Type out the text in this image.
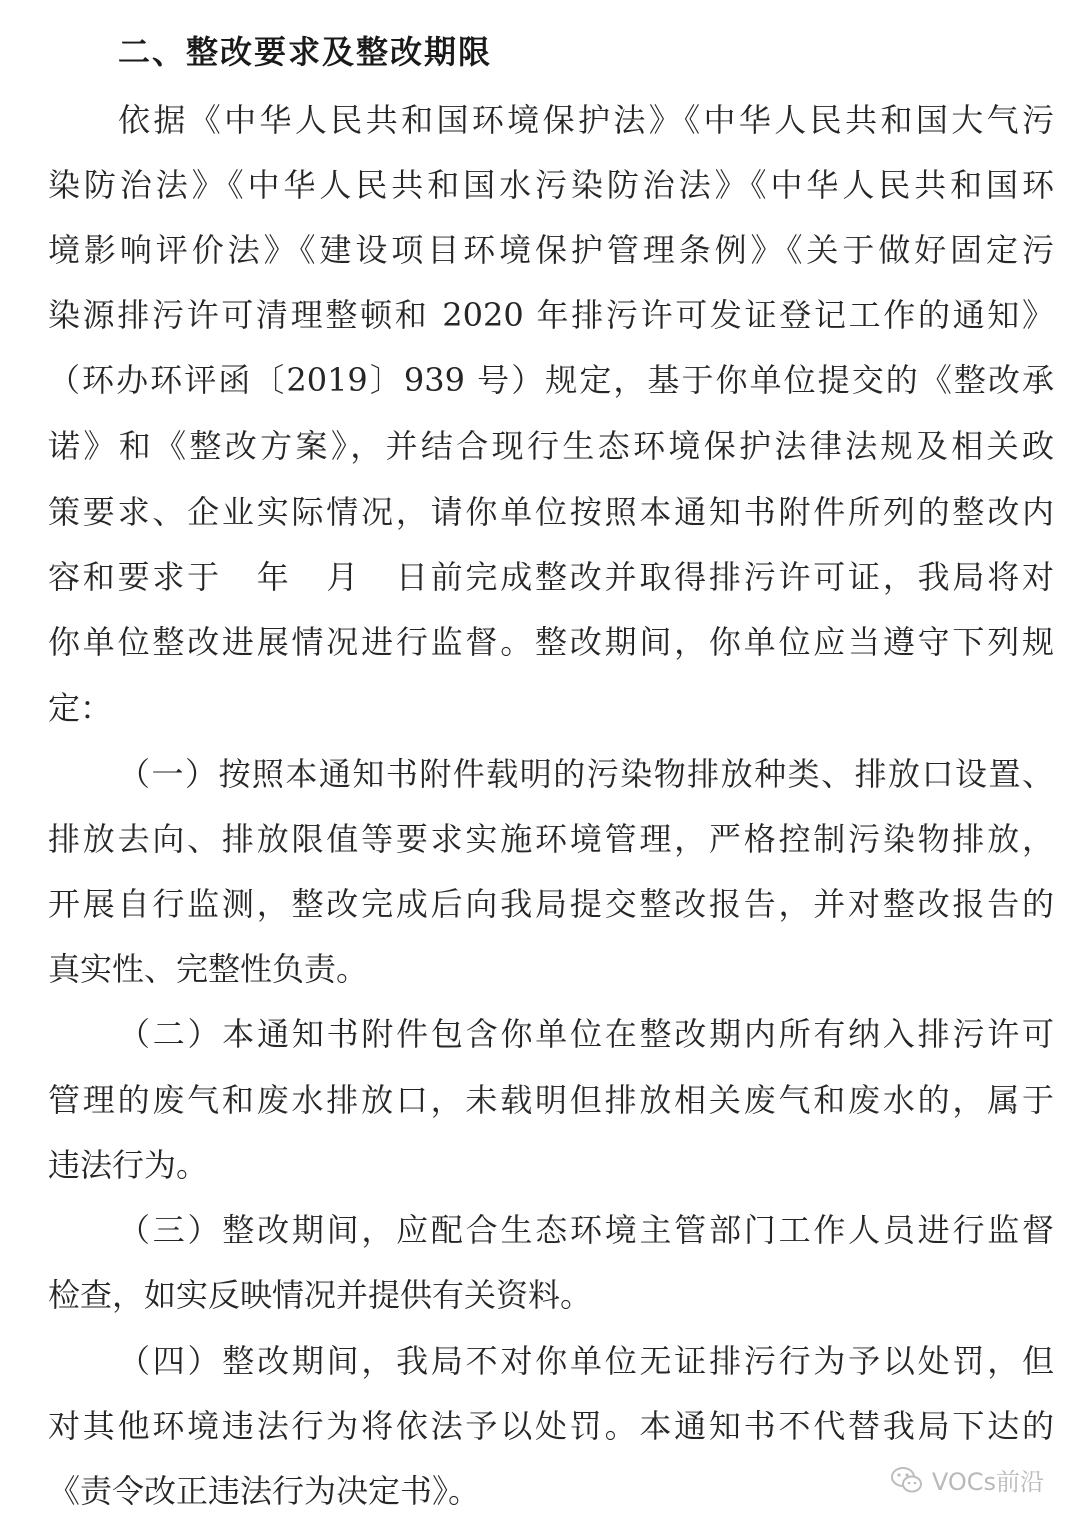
二、整改要求及整改期限
依据《中华人民共和国环境保护法》《中华人民共和国大气污
染防治法》《中华人民共和国水污染防治法》《中华人民共和国环
境影响评价法》《建设项目环境保护管理条例》《关于做好固定污
染源排污许可清理整顿和 2020 年排污许可发证登记工作的通知》
（环办环评函〔2019〕939 号）规定，基于你单位提交的《整改承
诺》和《整改方案》，并结合现行生态环境保护法律法规及相关政
策要求、企业实际情况，请你单位按照本通知书附件所列的整改内
容和要求于　年　月　日前完成整改并取得排污许可证，我局将对
你单位整改进展情况进行监督。整改期间，你单位应当遵守下列规
定：
（一）按照本通知书附件载明的污染物排放种类、排放口设置、
排放去向、排放限值等要求实施环境管理，严格控制污染物排放，
开展自行监测，整改完成后向我局提交整改报告，并对整改报告的
真实性、完整性负责。
（二）本通知书附件包含你单位在整改期内所有纳入排污许可
管理的废气和废水排放口，未载明但排放相关废气和废水的，属于
违法行为。
（三）整改期间，应配合生态环境主管部门工作人员进行监督
检查，如实反映情况并提供有关资料。
（四）整改期间，我局不对你单位无证排污行为予以处罚，但
对其他环境违法行为将依法予以处罚。本通知书不代替我局下达的
《责令改正违法行为决定书》。	VOCs前沿
